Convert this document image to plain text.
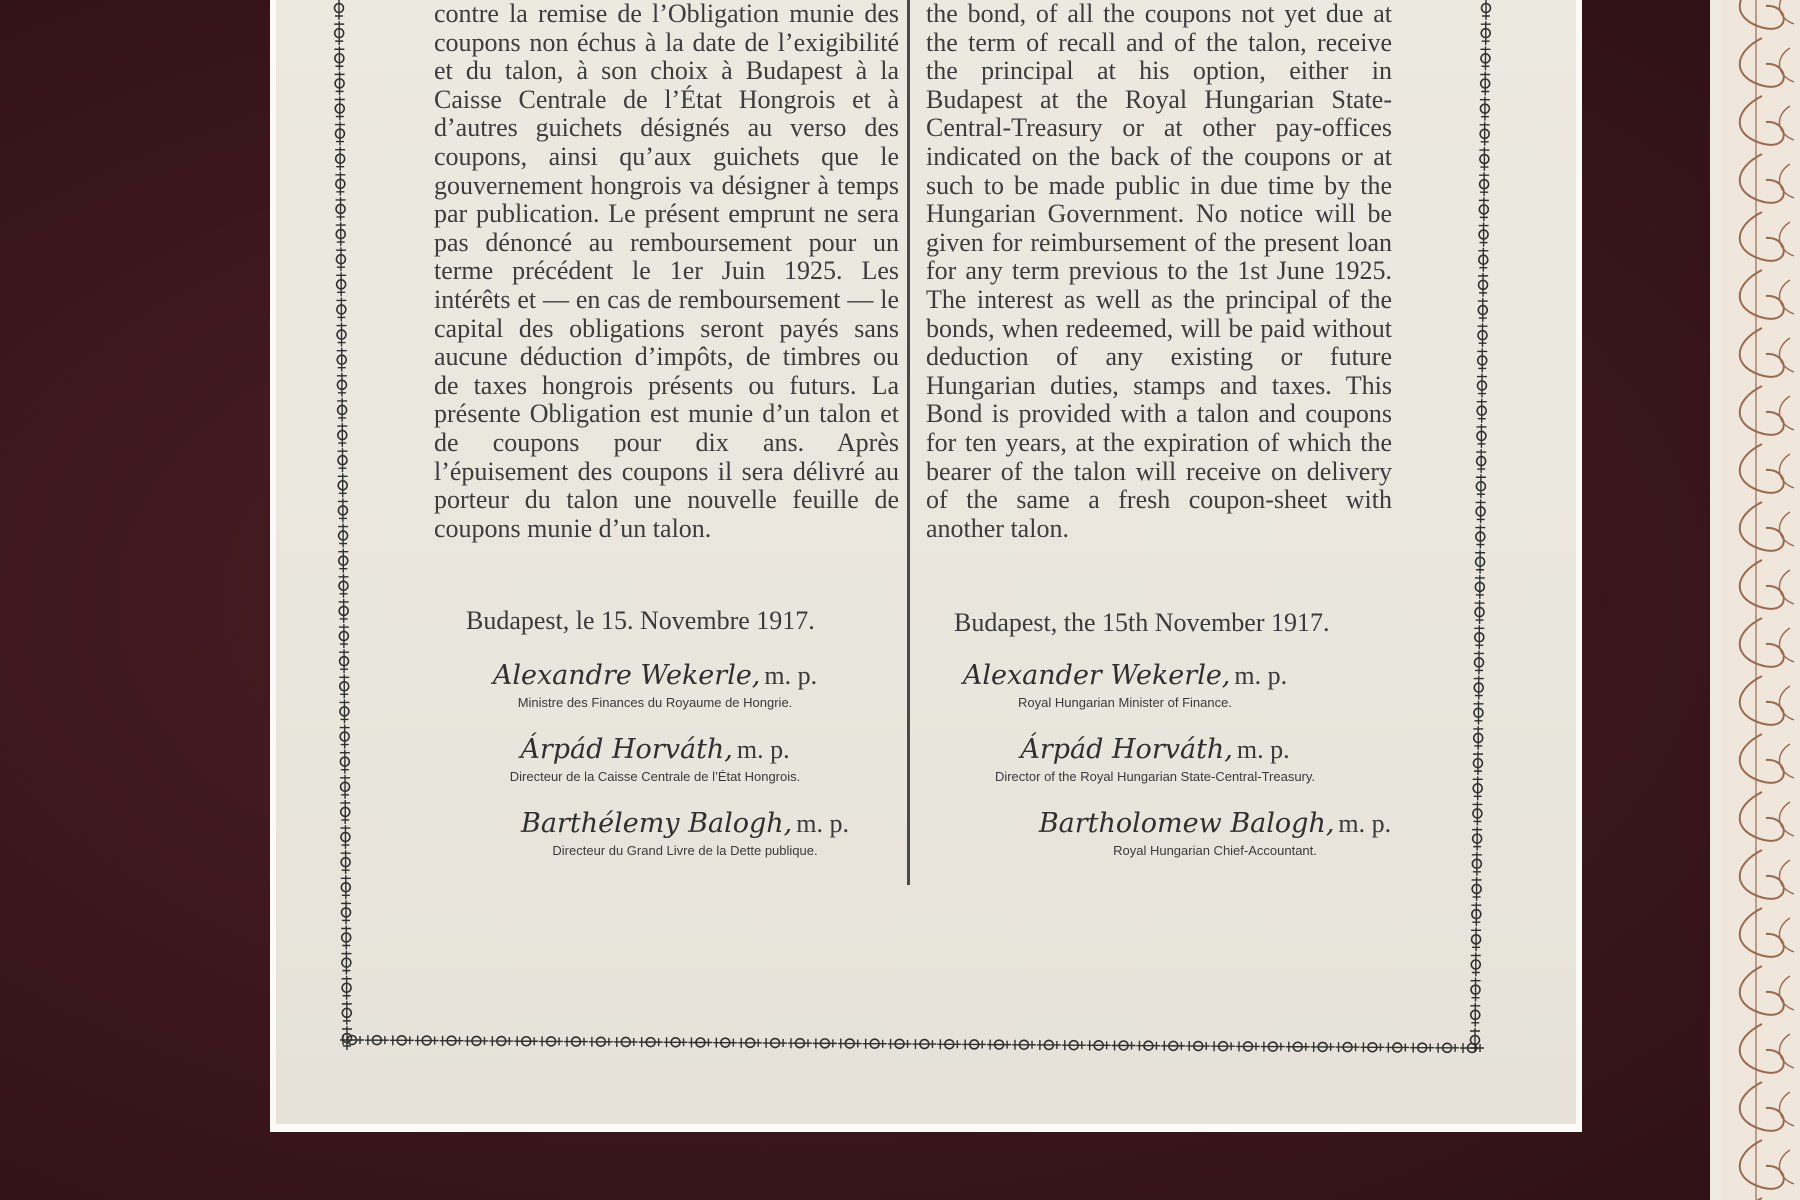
contre la remise de l’Obligation munie des coupons non échus à la date de l’exigibilité et du talon, à son choix à Budapest à la Caisse Centrale de l’État Hongrois et à d’autres guichets désignés au verso des coupons, ainsi qu’aux guichets que le gouvernement hongrois va désigner à temps par publication. Le présent emprunt ne sera pas dénoncé au remboursement pour un terme précédent le 1er Juin 1925. Les intérêts et — en cas de remboursement — le capital des obligations seront payés sans aucune déduction d’impôts, de timbres ou de taxes hongrois présents ou futurs. La présente Obligation est munie d’un talon et de coupons pour dix ans. Après l’épuisement des coupons il sera délivré au porteur du talon une nouvelle feuille de coupons munie d’un talon.

the bond, of all the coupons not yet due at the term of recall and of the talon, receive the principal at his option, either in Budapest at the Royal Hungarian State-Central-Treasury or at other pay-offices indicated on the back of the coupons or at such to be made public in due time by the Hungarian Government. No notice will be given for reimbursement of the present loan for any term previous to the 1st June 1925. The interest as well as the principal of the bonds, when redeemed, will be paid without deduction of any existing or future Hungarian duties, stamps and taxes. This Bond is provided with a talon and coupons for ten years, at the expiration of which the bearer of the talon will receive on delivery of the same a fresh coupon-sheet with another talon.

Budapest, le 15. Novembre 1917.	Budapest, the 15th November 1917.
Alexandre Wekerle, m. p.
Ministre des Finances du Royaume de Hongrie.
Árpád Horváth, m. p.
Directeur de la Caisse Centrale de l’État Hongrois.
Barthélemy Balogh, m. p.
Directeur du Grand Livre de la Dette publique.
Alexander Wekerle, m. p.
Royal Hungarian Minister of Finance.
Árpád Horváth, m. p.
Director of the Royal Hungarian State-Central-Treasury.
Bartholomew Balogh, m. p.
Royal Hungarian Chief-Accountant.
